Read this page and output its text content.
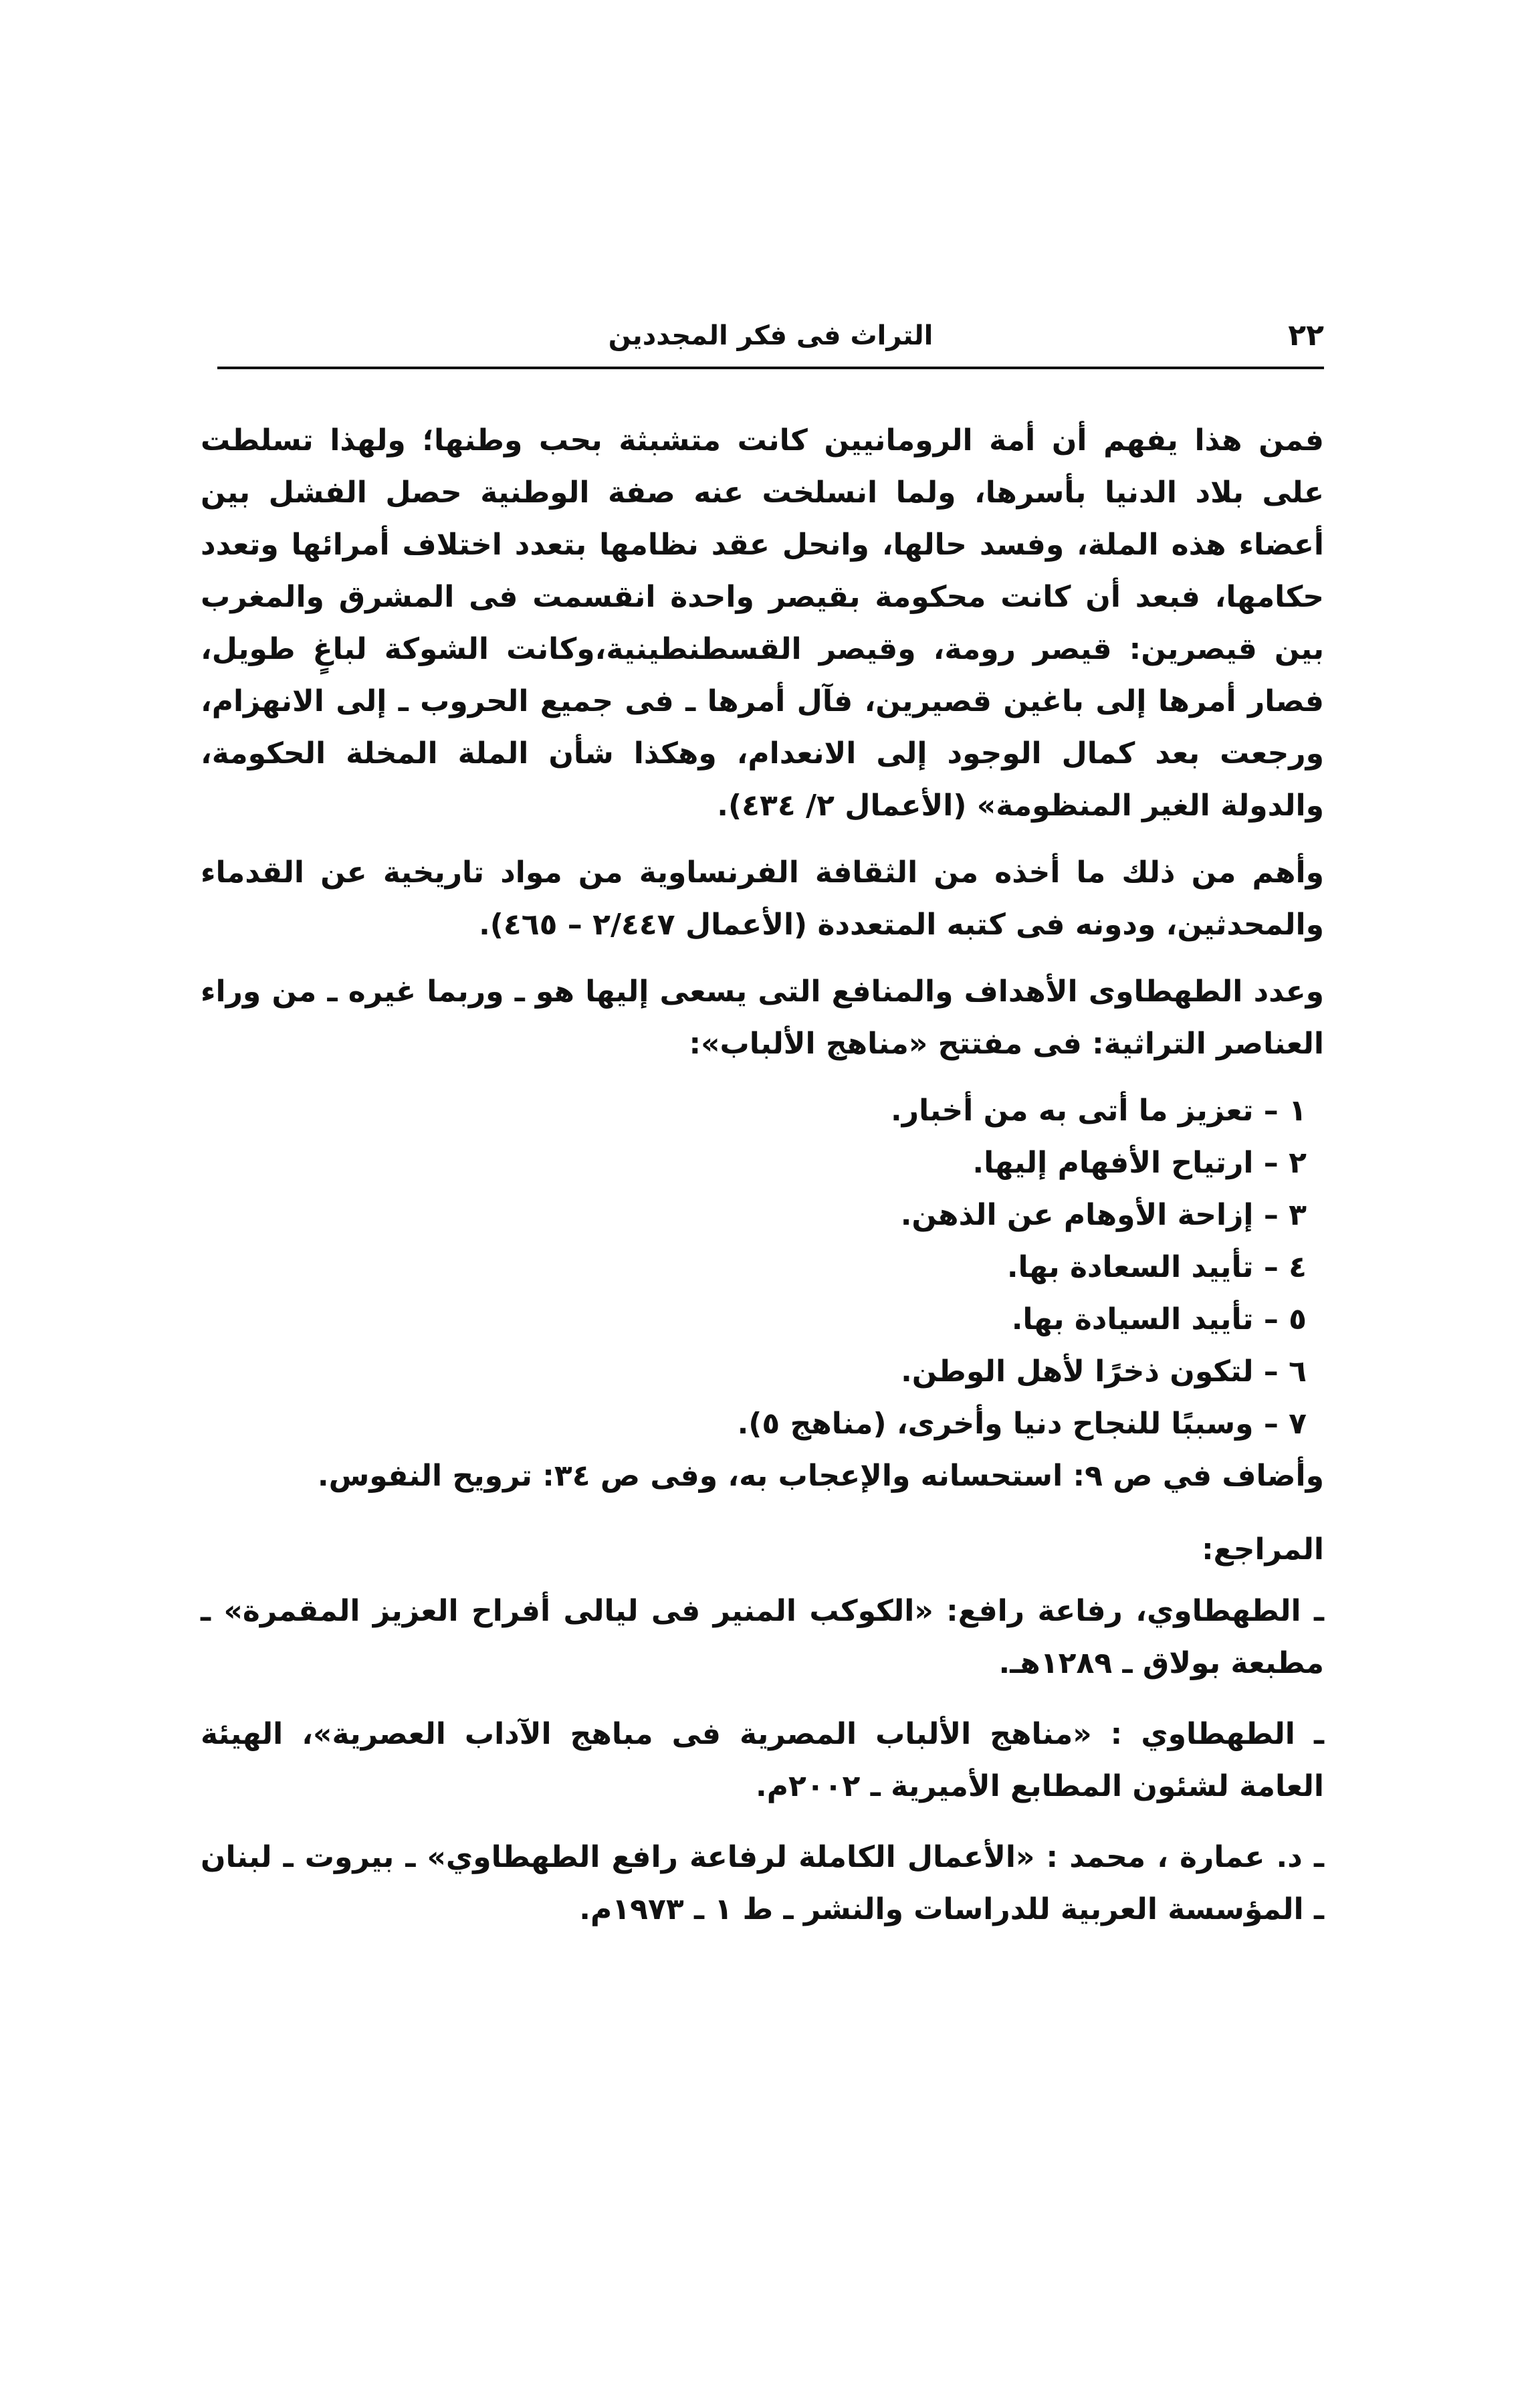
٢٢
التراث فى فكر المجددين

فمن هذا يفهم أن أمة الرومانيين كانت متشبثة بحب وطنها؛ ولهذا تسلطت على بلاد الدنيا بأسرها، ولما انسلخت عنه صفة الوطنية حصل الفشل بين أعضاء هذه الملة، وفسد حالها، وانحل عقد نظامها بتعدد اختلاف أمرائها وتعدد حكامها، فبعد أن كانت محكومة بقيصر واحدة انقسمت فى المشرق والمغرب بين قيصرين: قيصر رومة، وقيصر القسطنطينية،وكانت الشوكة لباغٍ طويل، فصار أمرها إلى باغين قصيرين، فآل أمرها ـ فى جميع الحروب ـ إلى الانهزام، ورجعت بعد كمال الوجود إلى الانعدام، وهكذا شأن الملة المخلة الحكومة، والدولة الغير المنظومة» (الأعمال ٢/ ٤٣٤).

وأهم من ذلك ما أخذه من الثقافة الفرنساوية من مواد تاريخية عن القدماء والمحدثين، ودونه فى كتبه المتعددة (الأعمال ٢/٤٤٧ – ٤٦٥).

وعدد الطهطاوى الأهداف والمنافع التى يسعى إليها هو ـ وربما غيره ـ من وراء العناصر التراثية: فى مفتتح «مناهج الألباب»:

١ – تعزيز ما أتى به من أخبار.
٢ – ارتياح الأفهام إليها.
٣ – إزاحة الأوهام عن الذهن.
٤ – تأييد السعادة بها.
٥ – تأييد السيادة بها.
٦ – لتكون ذخرًا لأهل الوطن.
٧ – وسببًا للنجاح دنيا وأخرى، (مناهج ٥).

وأضاف في ص ٩: استحسانه والإعجاب به، وفى ص ٣٤: ترويح النفوس.

المراجع:

ـ الطهطاوي، رفاعة رافع: «الكوكب المنير فى ليالى أفراح العزيز المقمرة» ـ مطبعة بولاق ـ ١٢٨٩هـ.

ـ الطهطاوي : «مناهج الألباب المصرية فى مباهج الآداب العصرية»، الهيئة العامة لشئون المطابع الأميرية ـ ٢٠٠٢م.

ـ د. عمارة ، محمد : «الأعمال الكاملة لرفاعة رافع الطهطاوي» ـ بيروت ـ لبنان ـ المؤسسة العربية للدراسات والنشر ـ ط ١ ـ ١٩٧٣م.
